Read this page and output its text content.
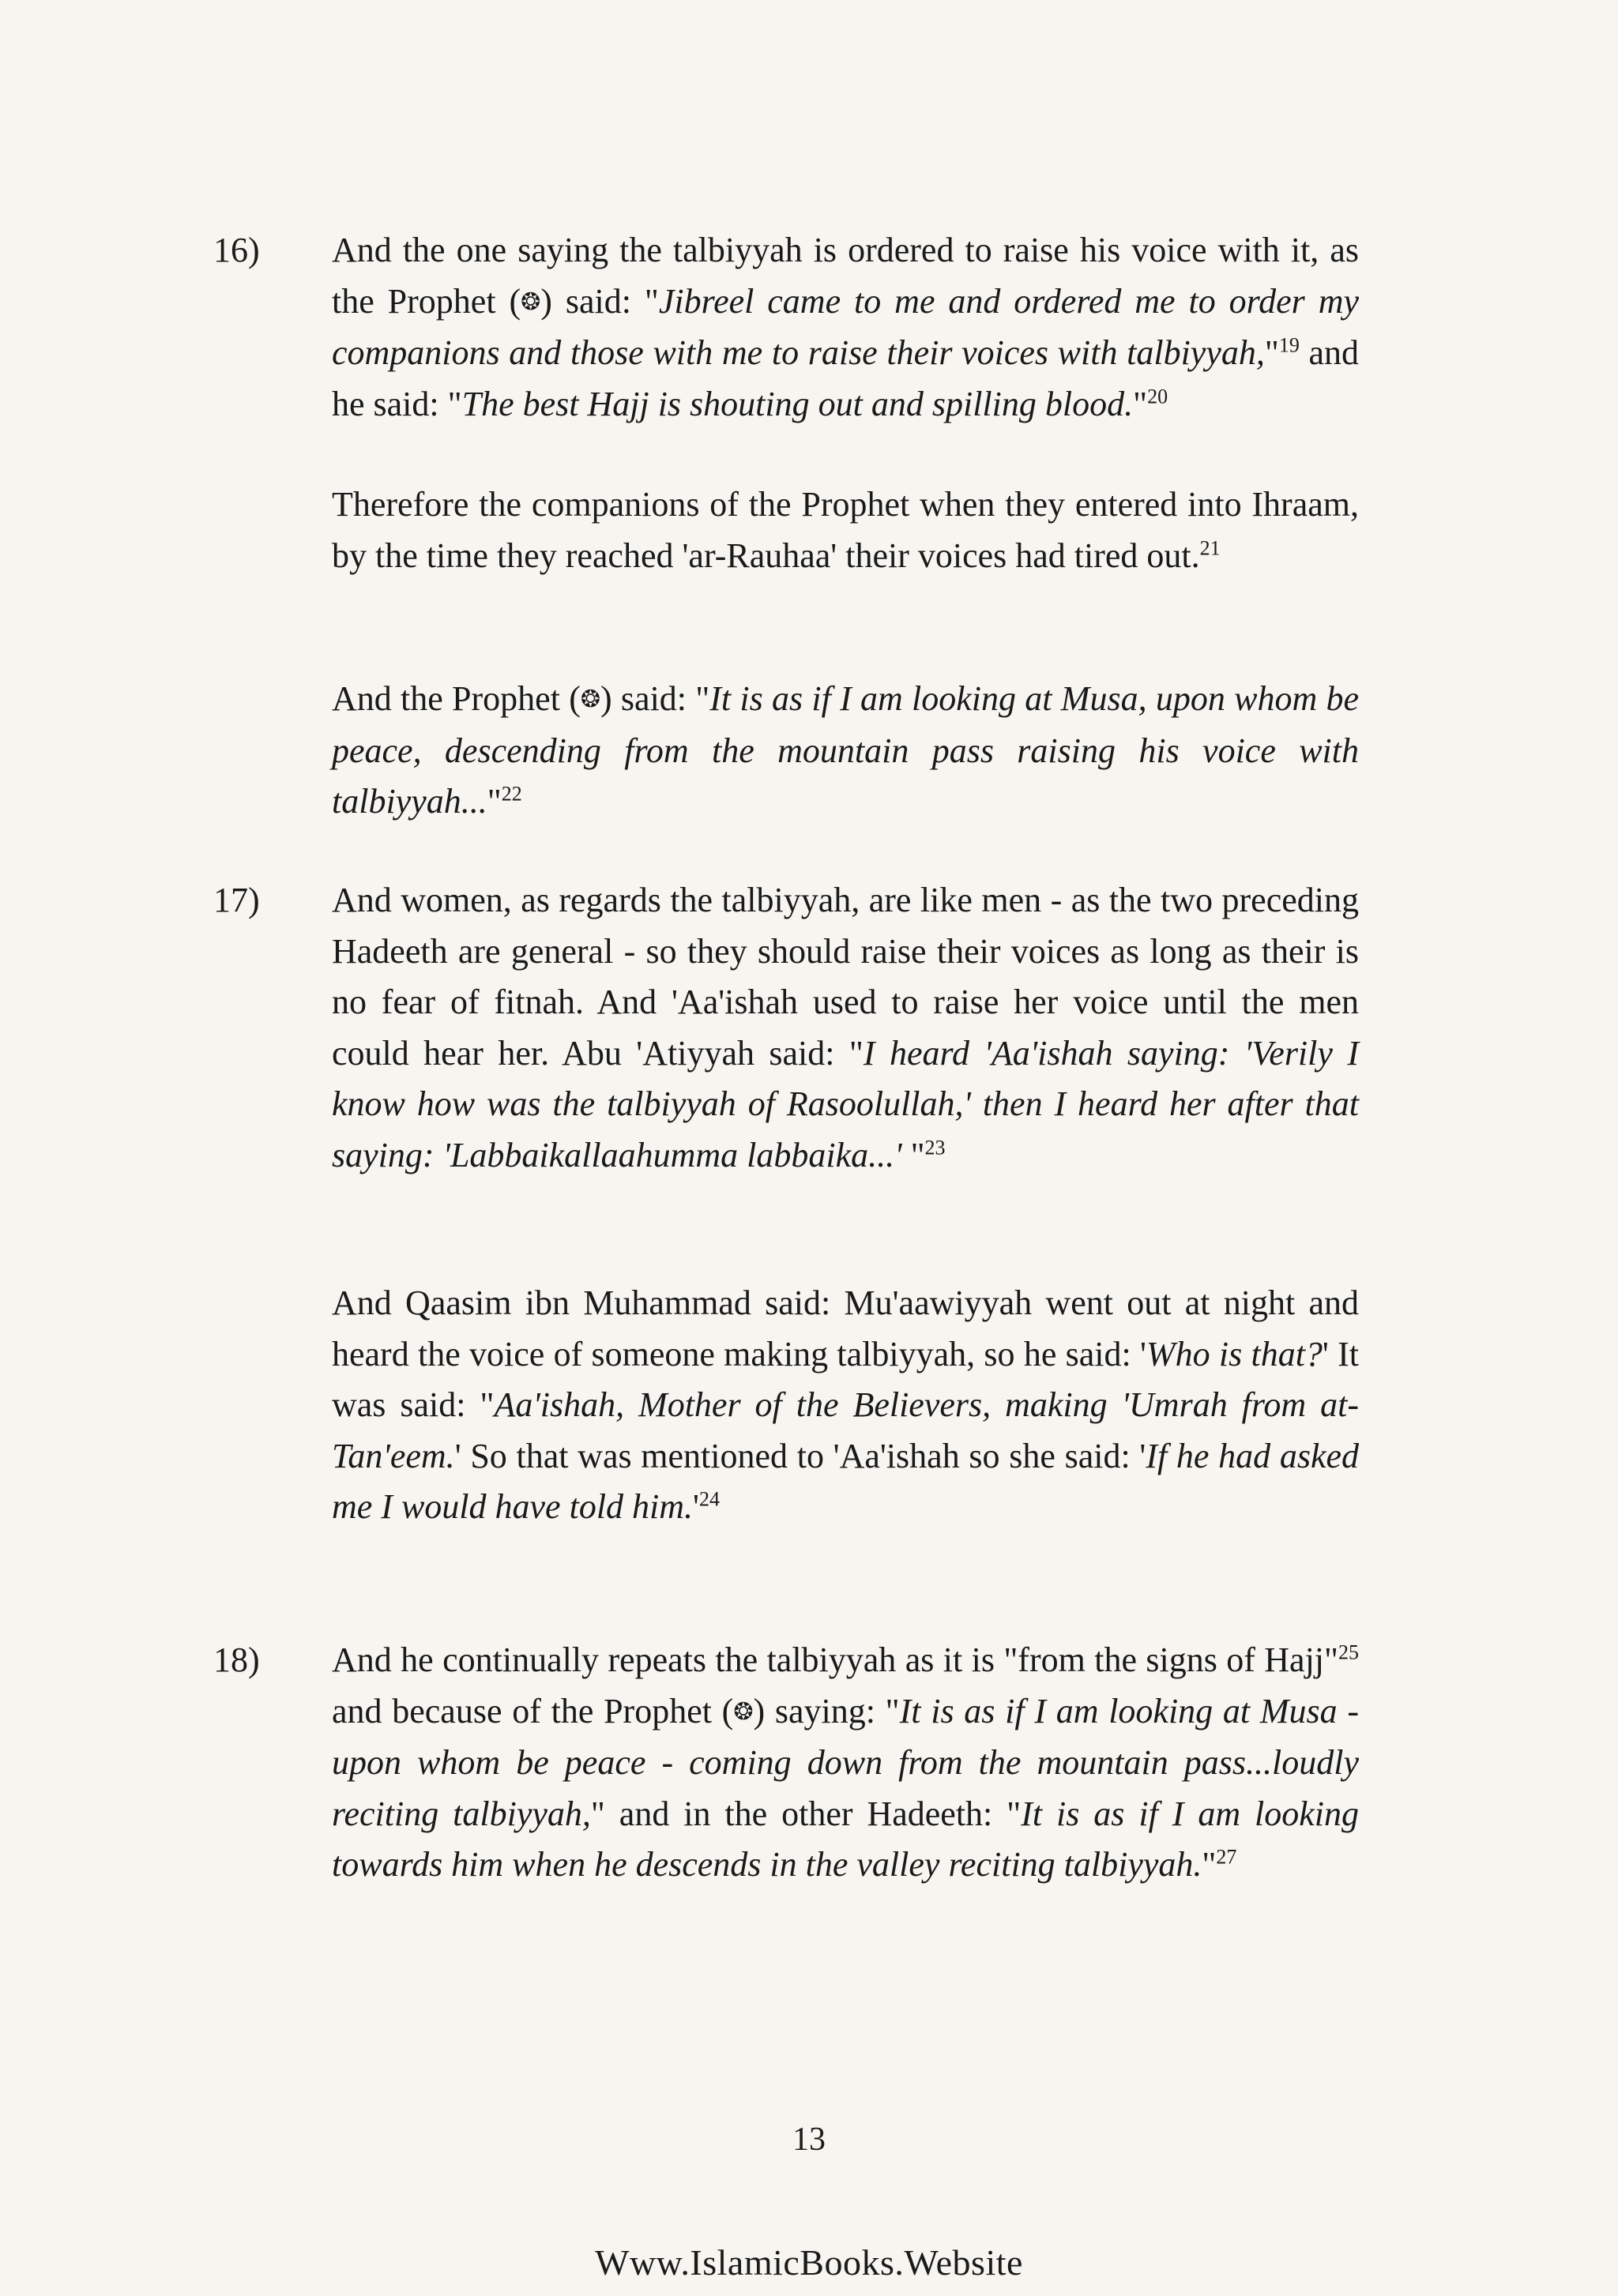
16) And the one saying the talbiyyah is ordered to raise his voice with it, as the Prophet (❂) said: "Jibreel came to me and ordered me to order my companions and those with me to raise their voices with talbiyyah,"$^{19}$ and he said: "The best Hajj is shouting out and spilling blood."$^{20}$

Therefore the companions of the Prophet when they entered into Ihraam, by the time they reached 'ar-Rauhaa' their voices had tired out.$^{21}$

And the Prophet (❂) said: "It is as if I am looking at Musa, upon whom be peace, descending from the mountain pass raising his voice with talbiyyah..."$^{22}$

17) And women, as regards the talbiyyah, are like men - as the two preceding Hadeeth are general - so they should raise their voices as long as their is no fear of fitnah. And 'Aa'ishah used to raise her voice until the men could hear her. Abu 'Atiyyah said: "I heard 'Aa'ishah saying: 'Verily I know how was the talbiyyah of Rasoolullah,' then I heard her after that saying: 'Labbaikallaahumma labbaika...' "$^{23}$

And Qaasim ibn Muhammad said: Mu'aawiyyah went out at night and heard the voice of someone making talbiyyah, so he said: 'Who is that?' It was said: "Aa'ishah, Mother of the Believers, making 'Umrah from at-Tan'eem.' So that was mentioned to 'Aa'ishah so she said: 'If he had asked me I would have told $him.'^{24}$

18) And he continually repeats the talbiyyah as it is "from the signs of Hajj"$^{25}$ and because of the Prophet (❂) saying: "It is as if I am looking at Musa - upon whom be peace - coming down from the mountain pass...loudly reciting talbiyyah," and in the other Hadeeth: "It is as if I am looking towards him when he descends in the valley reciting talbiyyah."$^{27}$

13
Www.IslamicBooks.Website
